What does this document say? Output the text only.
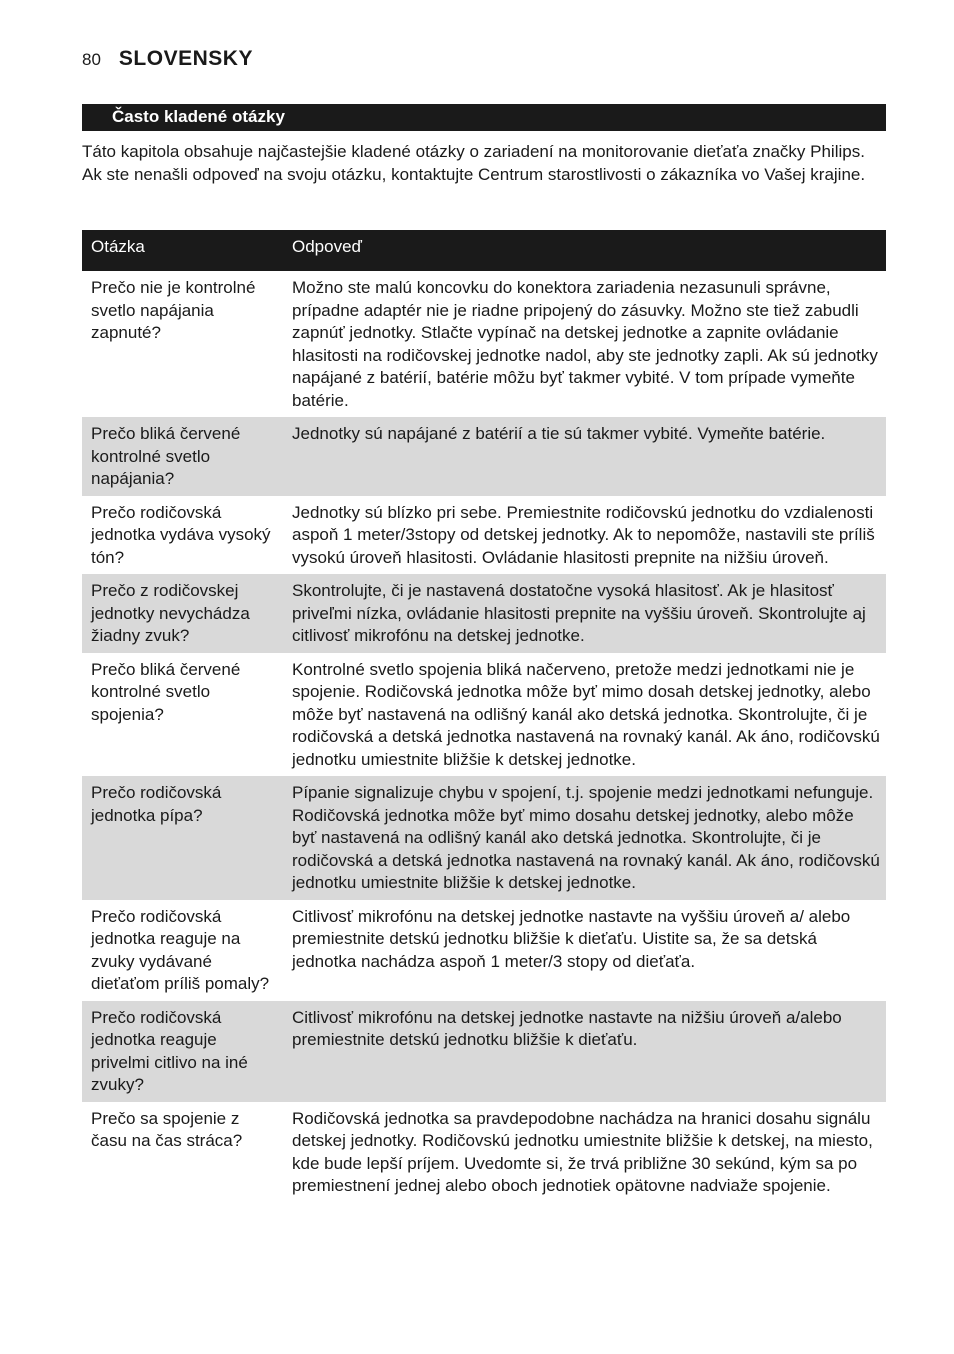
80 SLOVENSKY
Často kladené otázky

Táto kapitola obsahuje najčastejšie kladené otázky o zariadení na monitorovanie dieťaťa značky Philips. Ak ste nenašli odpoveď na svoju otázku, kontaktujte Centrum starostlivosti o zákazníka vo Vašej krajine.

Otázka	Odpoveď
Prečo nie je kontrolné svetlo napájania zapnuté?
Možno ste malú koncovku do konektora zariadenia nezasunuli správne, prípadne adaptér nie je riadne pripojený do zásuvky. Možno ste tiež zabudli zapnúť jednotky. Stlačte vypínač na detskej jednotke a zapnite ovládanie hlasitosti na rodičovskej jednotke nadol, aby ste jednotky zapli. Ak sú jednotky napájané z batérií, batérie môžu byť takmer vybité. V tom prípade vymeňte batérie.
Prečo bliká červené kontrolné svetlo napájania?
Jednotky sú napájané z batérií a tie sú takmer vybité. Vymeňte batérie.
Prečo rodičovská jednotka vydáva vysoký tón?
Jednotky sú blízko pri sebe. Premiestnite rodičovskú jednotku do vzdialenosti aspoň 1 meter/3stopy od detskej jednotky. Ak to nepomôže, nastavili ste príliš vysokú úroveň hlasitosti. Ovládanie hlasitosti prepnite na nižšiu úroveň.
Prečo z rodičovskej jednotky nevychádza žiadny zvuk?
Skontrolujte, či je nastavená dostatočne vysoká hlasitosť. Ak je hlasitosť priveľmi nízka, ovládanie hlasitosti prepnite na vyššiu úroveň. Skontrolujte aj citlivosť mikrofónu na detskej jednotke.
Prečo bliká červené kontrolné svetlo spojenia?
Kontrolné svetlo spojenia bliká načerveno, pretože medzi jednotkami nie je spojenie. Rodičovská jednotka môže byť mimo dosah detskej jednotky, alebo môže byť nastavená na odlišný kanál ako detská jednotka. Skontrolujte, či je rodičovská a detská jednotka nastavená na rovnaký kanál. Ak áno, rodičovskú jednotku umiestnite bližšie k detskej jednotke.
Prečo rodičovská jednotka pípa?
Pípanie signalizuje chybu v spojení, t.j. spojenie medzi jednotkami nefunguje. Rodičovská jednotka môže byť mimo dosahu detskej jednotky, alebo môže byť nastavená na odlišný kanál ako detská jednotka. Skontrolujte, či je rodičovská a detská jednotka nastavená na rovnaký kanál. Ak áno, rodičovskú jednotku umiestnite bližšie k detskej jednotke.
Prečo rodičovská jednotka reaguje na zvuky vydávané dieťaťom príliš pomaly?
Citlivosť mikrofónu na detskej jednotke nastavte na vyššiu úroveň a/ alebo premiestnite detskú jednotku bližšie k dieťaťu. Uistite sa, že sa detská jednotka nachádza aspoň 1 meter/3 stopy od dieťaťa.
Prečo rodičovská jednotka reaguje privelmi citlivo na iné zvuky?
Citlivosť mikrofónu na detskej jednotke nastavte na nižšiu úroveň a/alebo premiestnite detskú jednotku bližšie k dieťaťu.
Prečo sa spojenie z času na čas stráca?
Rodičovská jednotka sa pravdepodobne nachádza na hranici dosahu signálu detskej jednotky. Rodičovskú jednotku umiestnite bližšie k detskej, na miesto, kde bude lepší príjem. Uvedomte si, že trvá približne 30 sekúnd, kým sa po premiestnení jednej alebo oboch jednotiek opätovne nadviaže spojenie.
